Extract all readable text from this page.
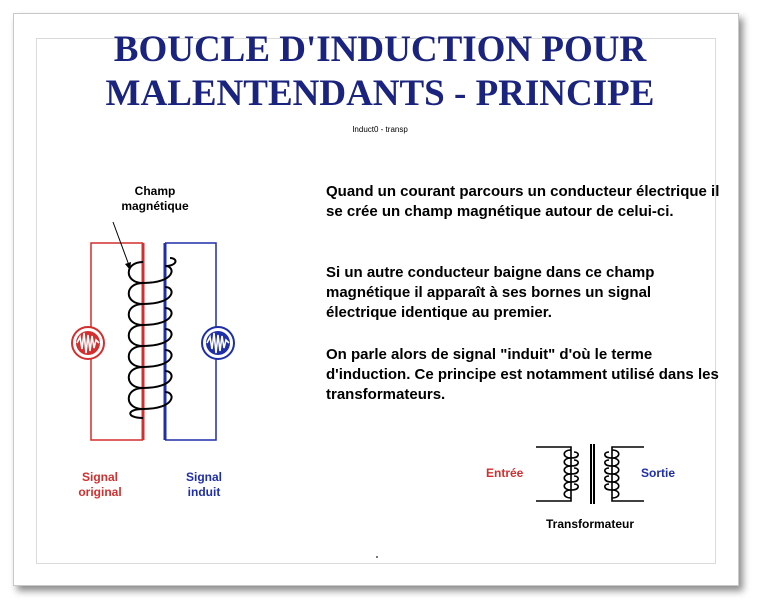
BOUCLE D'INDUCTION POUR
MALENTENDANTS - PRINCIPE
Induct0 - transp
Quand un courant parcours un conducteur électrique il se crée un champ magnétique autour de celui-ci.
Si un autre conducteur baigne dans ce champ magnétique il apparaît à ses bornes un signal électrique identique au premier.
On parle alors de signal "induit" d'où le terme d'induction. Ce principe est notamment utilisé dans les transformateurs.
Champ
magnétique
Signal
original
Signal
induit
Entrée	Sortie
Transformateur
